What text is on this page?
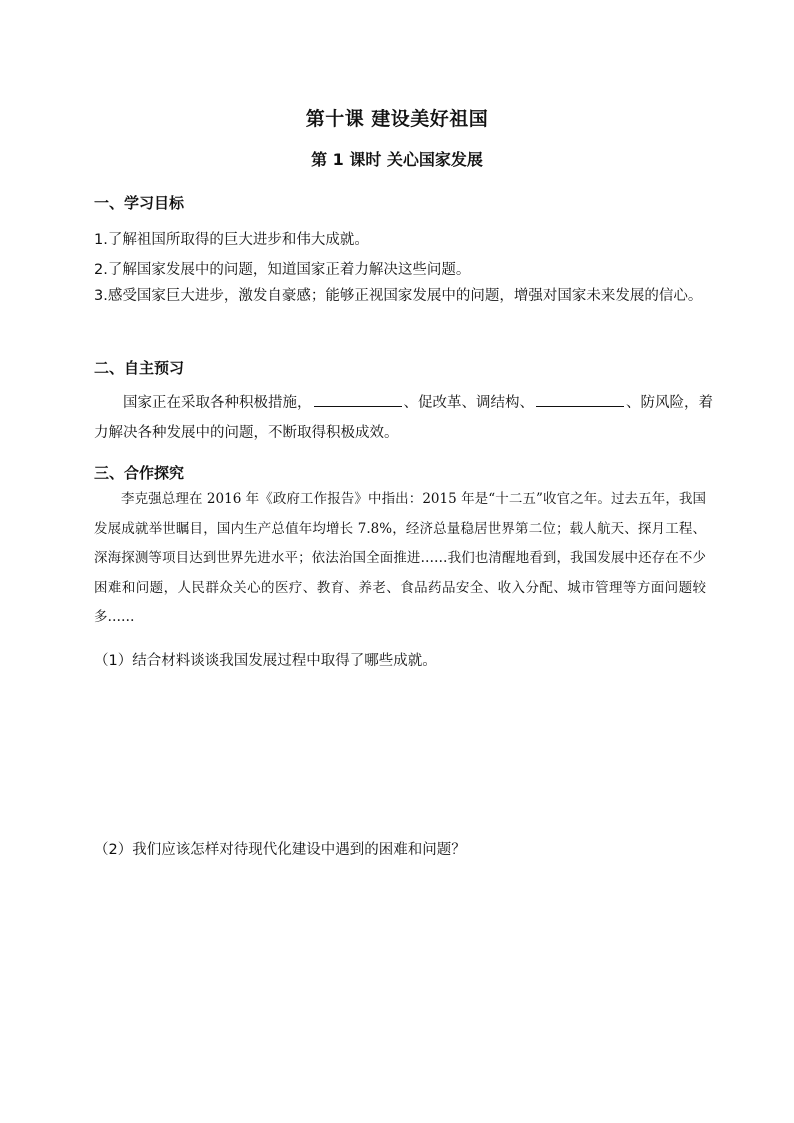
第十课 建设美好祖国
第 1 课时 关心国家发展
一、学习目标
1.了解祖国所取得的巨大进步和伟大成就。
2.了解国家发展中的问题，知道国家正着力解决这些问题。
3.感受国家巨大进步，激发自豪感；能够正视国家发展中的问题，增强对国家未来发展的信心。
二、自主预习
国家正在采取各种积极措施，	、促改革、调结构、	、防风险，着力解决各种发展中的问题，不断取得积极成效。
三、合作探究
李克强总理在 2016 年《政府工作报告》中指出：2015 年是“十二五”收官之年。过去五年，我国发展成就举世瞩目，国内生产总值年均增长 7.8%，经济总量稳居世界第二位；载人航天、探月工程、深海探测等项目达到世界先进水平；依法治国全面推进……我们也清醒地看到，我国发展中还存在不少困难和问题，人民群众关心的医疗、教育、养老、食品药品安全、收入分配、城市管理等方面问题较多……
（1）结合材料谈谈我国发展过程中取得了哪些成就。
（2）我们应该怎样对待现代化建设中遇到的困难和问题？
